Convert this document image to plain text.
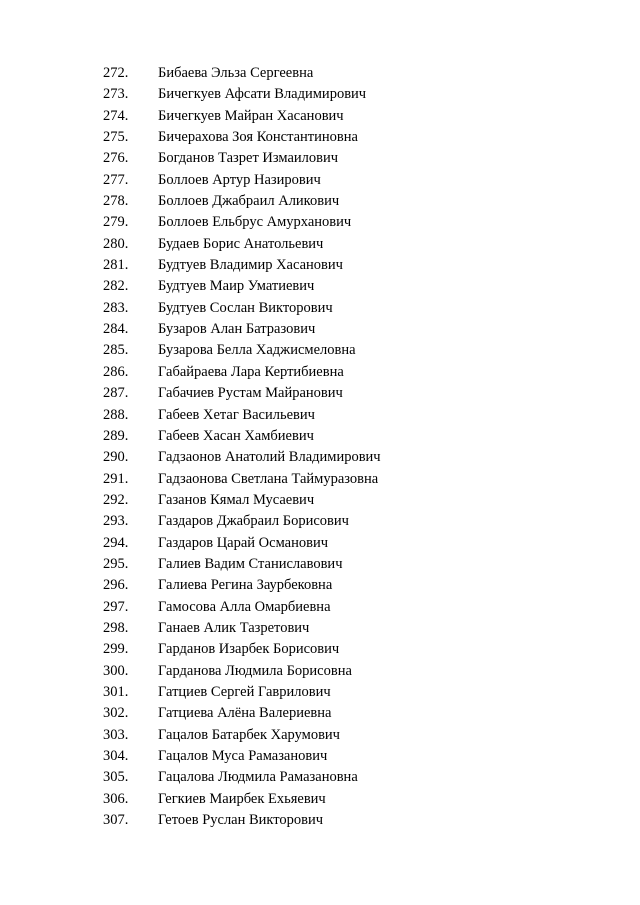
272. Бибаева Эльза Сергеевна
273. Бичегкуев Афсати Владимирович
274. Бичегкуев Майран Хасанович
275. Бичерахова Зоя Константиновна
276. Богданов Тазрет Измаилович
277. Боллоев Артур Назирович
278. Боллоев Джабраил Аликович
279. Боллоев Ельбрус Амурханович
280. Будаев Борис Анатольевич
281. Будтуев Владимир Хасанович
282. Будтуев Маир Уматиевич
283. Будтуев Сослан Викторович
284. Бузаров Алан Батразович
285. Бузарова Белла Хаджисмеловна
286. Габайраева Лара Кертибиевна
287. Габачиев Рустам Майранович
288. Габеев Хетаг Васильевич
289. Габеев Хасан Хамбиевич
290. Гадзаонов Анатолий Владимирович
291. Гадзаонова Светлана Таймуразовна
292. Газанов Кямал Мусаевич
293. Газдаров Джабраил Борисович
294. Газдаров Царай Османович
295. Галиев Вадим Станиславович
296. Галиева Регина Заурбековна
297. Гамосова Алла Омарбиевна
298. Ганаев Алик Тазретович
299. Гарданов Изарбек Борисович
300. Гарданова Людмила Борисовна
301. Гатциев Сергей Гаврилович
302. Гатциева Алёна Валериевна
303. Гацалов Батарбек Харумович
304. Гацалов Муса Рамазанович
305. Гацалова Людмила Рамазановна
306. Гегкиев Маирбек Ехьяевич
307. Гетоев Руслан Викторович
